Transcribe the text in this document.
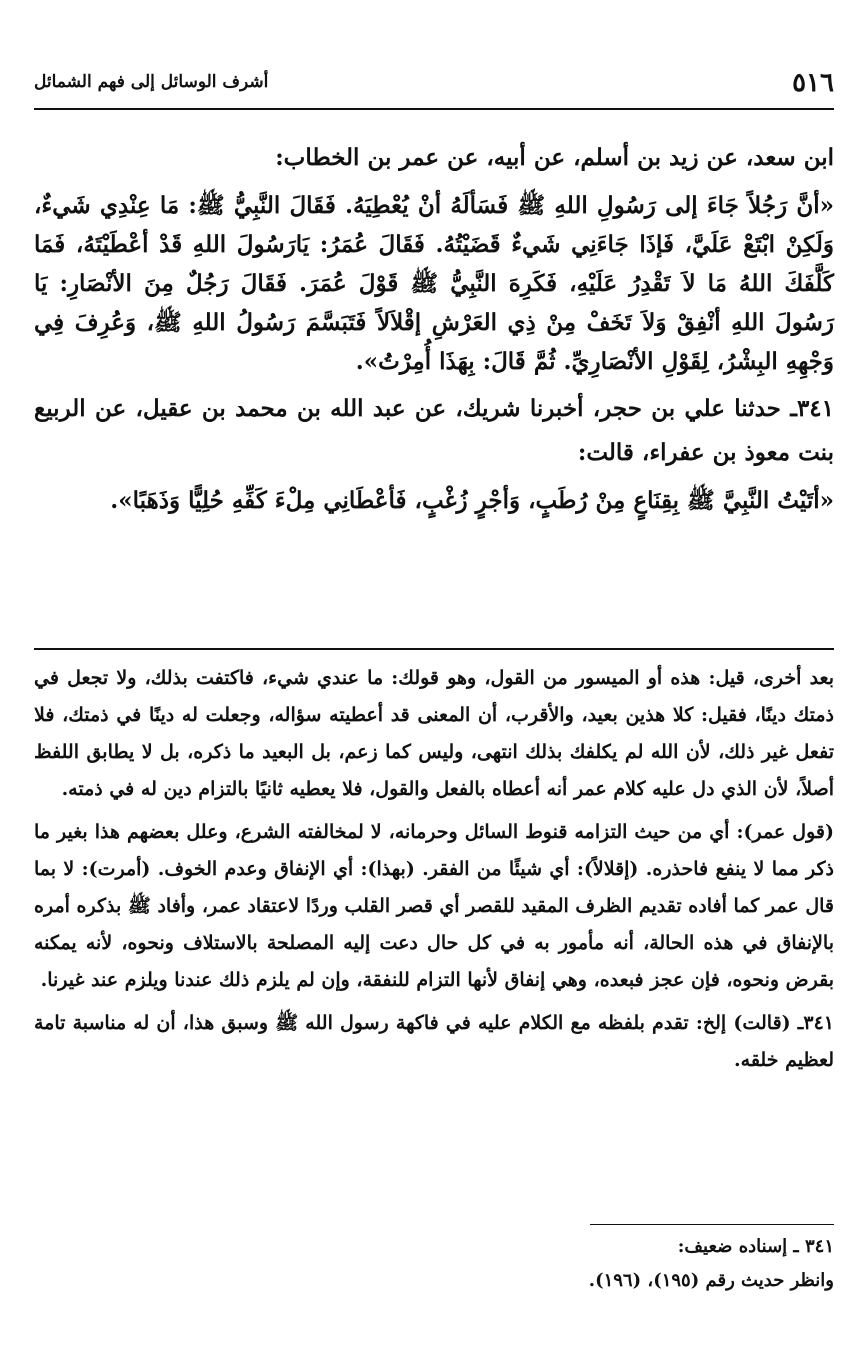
٥١٦
أشرف الوسائل إلى فهم الشمائل

ابن سعد، عن زيد بن أسلم، عن أبيه، عن عمر بن الخطاب:

«أنَّ رَجُلاً جَاءَ إلى رَسُولِ اللهِ ﷺ فَسَألَهُ أنْ يُعْطِيَهُ. فَقَالَ النَّبِيُّ ﷺ: مَا عِنْدِي شَيءٌ، وَلَكِنْ ابْتَعْ عَلَيَّ، فَإذَا جَاءَنِي شَيءٌ قَضَيْتُهُ. فَقَالَ عُمَرُ: يَارَسُولَ اللهِ قَدْ أعْطَيْتَهُ، فَمَا كَلَّفَكَ اللهُ مَا لاَ تَقْدِرُ عَلَيْهِ، فَكَرِهَ النَّبِيُّ ﷺ قَوْلَ عُمَرَ. فَقَالَ رَجُلٌ مِنَ الأنْصَارِ: يَا رَسُولَ اللهِ أنْفِقْ وَلاَ تَخَفْ مِنْ ذِي العَرْشِ إقْلاَلاً فَتَبَسَّمَ رَسُولُ اللهِ ﷺ، وَعُرِفَ فِي وَجْهِهِ البِشْرُ، لِقَوْلِ الأنْصَارِيِّ. ثُمَّ قَالَ: بِهَذَا أُمِرْتُ».

٣٤١ـ حدثنا علي بن حجر، أخبرنا شريك، عن عبد الله بن محمد بن عقيل، عن الربيع بنت معوذ بن عفراء، قالت:

«أتَيْتُ النَّبِيَّ ﷺ بِقِنَاعٍ مِنْ رُطَبٍ، وَأجْرٍ زُغْبٍ، فَأعْطَانِي مِلْءَ كَفِّهِ حُلِيًّا وَذَهَبًا».

بعد أخرى، قيل: هذه أو الميسور من القول، وهو قولك: ما عندي شيء، فاكتفت بذلك، ولا تجعل في ذمتك دينًا، فقيل: كلا هذين بعيد، والأقرب، أن المعنى قد أعطيته سؤاله، وجعلت له دينًا في ذمتك، فلا تفعل غير ذلك، لأن الله لم يكلفك بذلك انتهى، وليس كما زعم، بل البعيد ما ذكره، بل لا يطابق اللفظ أصلاً، لأن الذي دل عليه كلام عمر أنه أعطاه بالفعل والقول، فلا يعطيه ثانيًا بالتزام دين له في ذمته.

(قول عمر): أي من حيث التزامه قنوط السائل وحرمانه، لا لمخالفته الشرع، وعلل بعضهم هذا بغير ما ذكر مما لا ينفع فاحذره. (إقلالاً): أي شيئًا من الفقر. (بهذا): أي الإنفاق وعدم الخوف. (أمرت): لا بما قال عمر كما أفاده تقديم الظرف المقيد للقصر أي قصر القلب وردًا لاعتقاد عمر، وأفاد ﷺ بذكره أمره بالإنفاق في هذه الحالة، أنه مأمور به في كل حال دعت إليه المصلحة بالاستلاف ونحوه، لأنه يمكنه بقرض ونحوه، فإن عجز فبعده، وهي إنفاق لأنها التزام للنفقة، وإن لم يلزم ذلك عندنا ويلزم عند غيرنا.

٣٤١ـ (قالت) إلخ: تقدم بلفظه مع الكلام عليه في فاكهة رسول الله ﷺ وسبق هذا، أن له مناسبة تامة لعظيم خلقه.

٣٤١ ـ إسناده ضعيف:

وانظر حديث رقم (١٩٥)، (١٩٦).
